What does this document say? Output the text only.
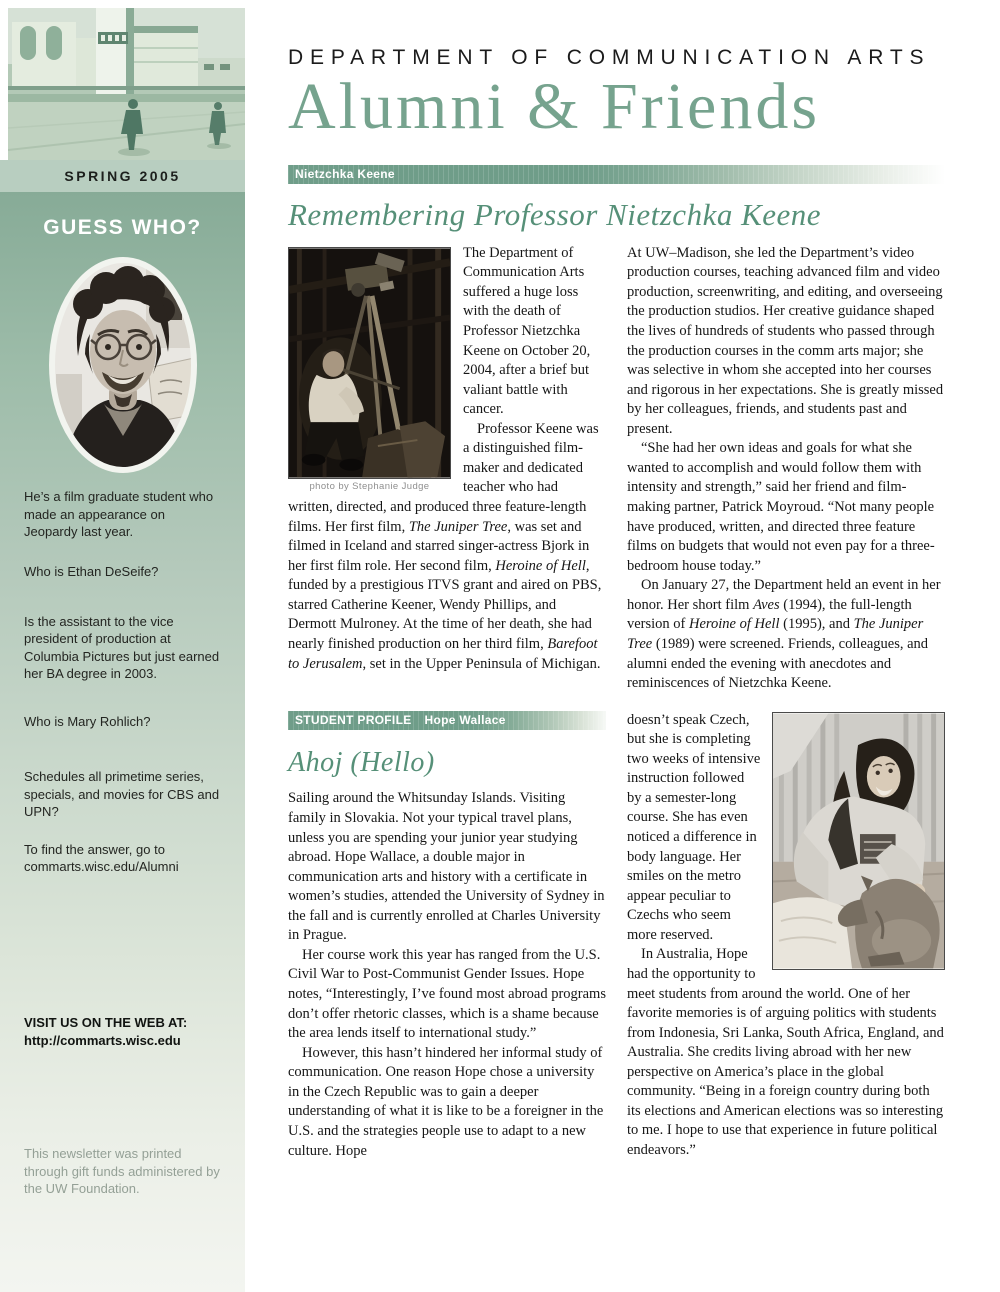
SPRING 2005
GUESS WHO?

He’s a film graduate student who made an appearance on Jeopardy last year.

Who is Ethan DeSeife?

Is the assistant to the vice president of production at Columbia Pictures but just earned her BA degree in 2003.

Who is Mary Rohlich?

Schedules all primetime series, specials, and movies for CBS and UPN?

To find the answer, go to commarts.wisc.edu/Alumni

VISIT US ON THE WEB AT:
http://commarts.wisc.edu

This newsletter was printed through gift funds administered by the UW Foundation.

DEPARTMENT OF COMMUNICATION ARTS
Alumni & Friends
Nietzchka Keene
Remembering Professor Nietzchka Keene
photo by Stephanie Judge

The Department of Communication Arts suffered a huge loss with the death of Professor Nietzchka Keene on October 20, 2004, after a brief but valiant battle with cancer.

Professor Keene was a distinguished film-maker and dedicated teacher who had written, directed, and produced three feature-length films. Her first film, The Juniper Tree, was set and filmed in Iceland and starred singer-actress Bjork in her first film role. Her second film, Heroine of Hell, funded by a prestigious ITVS grant and aired on PBS, starred Catherine Keener, Wendy Phillips, and Dermott Mulroney. At the time of her death, she had nearly finished production on her third film, Barefoot to Jerusalem, set in the Upper Peninsula of Michigan.

At UW–Madison, she led the Department’s video production courses, teaching advanced film and video production, screenwriting, and editing, and overseeing the production studios. Her creative guidance shaped the lives of hundreds of students who passed through the production courses in the comm arts major; she was selective in whom she accepted into her courses and rigorous in her expectations. She is greatly missed by her colleagues, friends, and students past and present.

“She had her own ideas and goals for what she wanted to accomplish and would follow them with intensity and strength,” said her friend and film-making partner, Patrick Moyroud. “Not many people have produced, written, and directed three feature films on budgets that would not even pay for a three-bedroom house today.”

On January 27, the Department held an event in her honor. Her short film Aves (1994), the full-length version of Heroine of Hell (1995), and The Juniper Tree (1989) were screened. Friends, colleagues, and alumni ended the evening with anecdotes and reminiscences of Nietzchka Keene.

STUDENT PROFILE Hope Wallace
Ahoj (Hello)

Sailing around the Whitsunday Islands. Visiting family in Slovakia. Not your typical travel plans, unless you are spending your junior year studying abroad. Hope Wallace, a double major in communication arts and history with a certificate in women’s studies, attended the University of Sydney in the fall and is currently enrolled at Charles University in Prague.

Her course work this year has ranged from the U.S. Civil War to Post-Communist Gender Issues. Hope notes, “Interestingly, I’ve found most abroad programs don’t offer rhetoric classes, which is a shame because the area lends itself to international study.”

However, this hasn’t hindered her informal study of communication. One reason Hope chose a university in the Czech Republic was to gain a deeper understanding of what it is like to be a foreigner in the U.S. and the strategies people use to adapt to a new culture. Hope

doesn’t speak Czech, but she is completing two weeks of intensive instruction followed by a semester-long course. She has even noticed a difference in body language. Her smiles on the metro appear peculiar to Czechs who seem more reserved.

In Australia, Hope had the opportunity to meet students from around the world. One of her favorite memories is of arguing politics with students from Indonesia, Sri Lanka, South Africa, England, and Australia. She credits living abroad with her new perspective on America’s place in the global community. “Being in a foreign country during both its elections and American elections was so interesting to me. I hope to use that experience in future political endeavors.”
